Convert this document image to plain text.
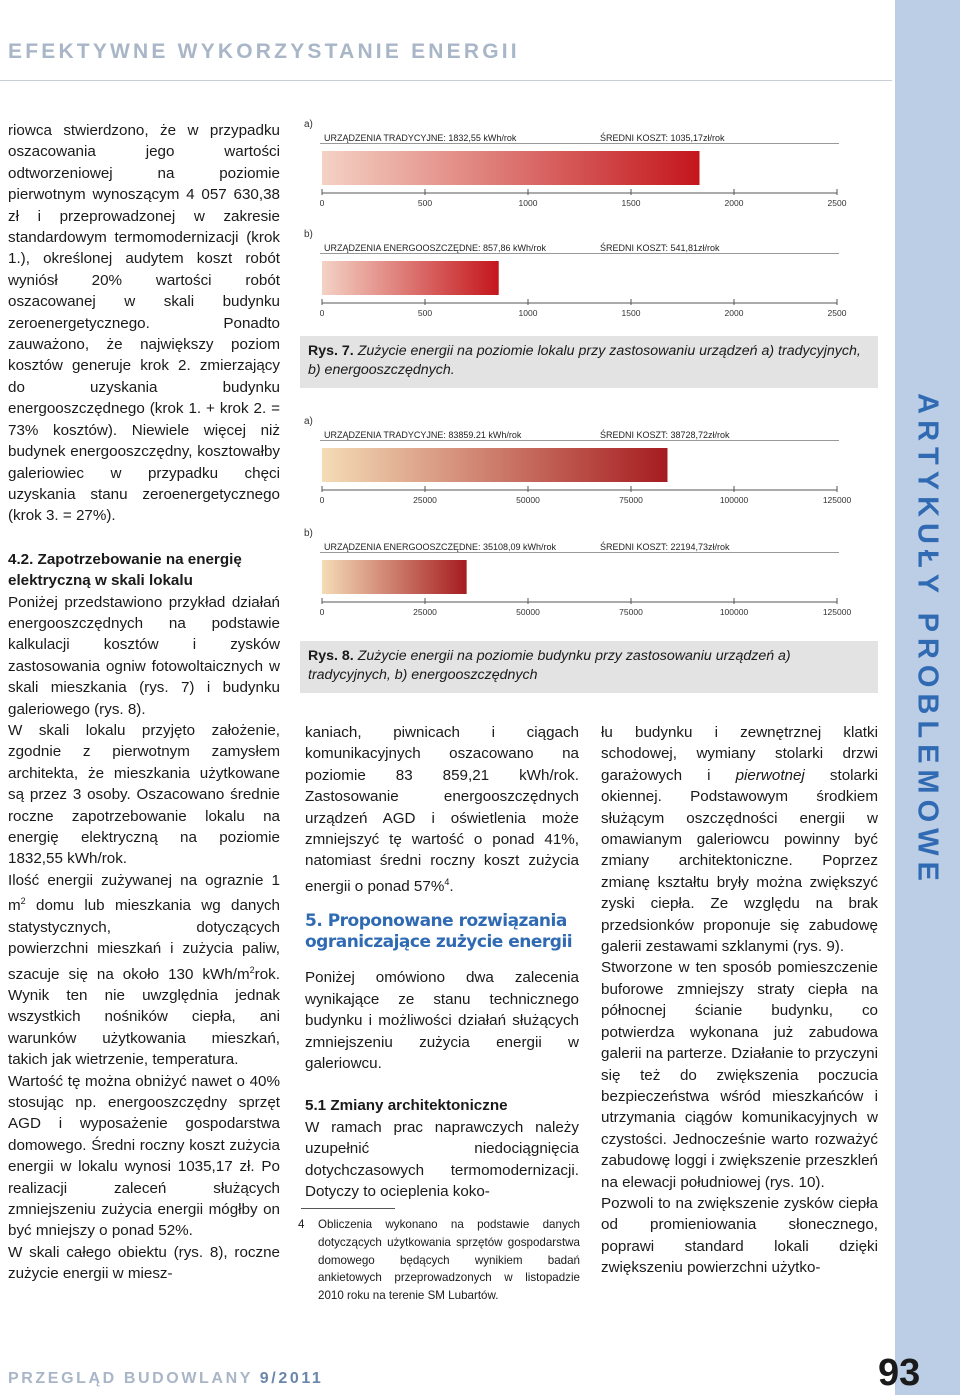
EFEKTYWNE WYKORZYSTANIE ENERGII
ARTYKUŁY PROBLEMOWE

riowca stwierdzono, że w przypadku oszacowania jego wartości odtworzeniowej na poziomie pierwotnym wynoszącym 4 057 630,38 zł i przeprowadzonej w zakresie standardowym termomodernizacji (krok 1.), określonej audytem koszt robót wyniósł 20% wartości robót oszacowanej w skali budynku zeroenergetycznego. Ponadto zauważono, że największy poziom kosztów generuje krok 2. zmierzający do uzyskania budynku energooszczędnego (krok 1. + krok 2. = 73% kosztów). Niewiele więcej niż budynek energooszczędny, kosztowałby galeriowiec w przypadku chęci uzyskania stanu zeroenergetycznego (krok 3. = 27%).

4.2. Zapotrzebowanie na energię elektryczną w skali lokalu

Poniżej przedstawiono przykład działań energooszczędnych na podstawie kalkulacji kosztów i zysków zastosowania ogniw fotowoltaicznych w skali mieszkania (rys. 7) i budynku galeriowego (rys. 8).

W skali lokalu przyjęto założenie, zgodnie z pierwotnym zamysłem architekta, że mieszkania użytkowane są przez 3 osoby. Oszacowano średnie roczne zapotrzebowanie lokalu na energię elektryczną na poziomie 1832,55 kWh/rok.

Ilość energii zużywanej na ograznie 1 $m^2$ domu lub mieszkania wg danych statystycznych, dotyczących powierzchni mieszkań i zużycia paliw, szacuje się na około 130 kWh/$m^2rok$. Wynik ten nie uwzględnia jednak wszystkich nośników ciepła, ani warunków użytkowania mieszkań, takich jak wietrzenie, temperatura.

Wartość tę można obniżyć nawet o 40% stosując np. energooszczędny sprzęt AGD i wyposażenie gospodarstwa domowego. Średni roczny koszt zużycia energii w lokalu wynosi 1035,17 zł. Po realizacji zaleceń służących zmniejszeniu zużycia energii mógłby on być mniejszy o ponad 52%.

W skali całego obiektu (rys. 8), roczne zużycie energii w miesz-

a)
URZĄDZENIA TRADYCYJNE: 1832,55 kWh/rok	ŚREDNI KOSZT: 1035,17zł/rok
0	500	1000	1500	2000	2500
b)
URZĄDZENIA ENERGOOSZCZĘDNE: 857,86 kWh/rok	ŚREDNI KOSZT: 541,81zł/rok
0	500	1000	1500	2000	2500
Rys. 7. Zużycie energii na poziomie lokalu przy zastosowaniu urządzeń a) tradycyjnych, b) energooszczędnych.
a)
URZĄDZENIA TRADYCYJNE: 83859.21 kWh/rok	ŚREDNI KOSZT: 38728,72zł/rok
0	25000	50000	75000	100000	125000
b)
URZĄDZENIA ENERGOOSZCZĘDNE: 35108,09 kWh/rok	ŚREDNI KOSZT: 22194,73zł/rok
0	25000	50000	75000	100000	125000
Rys. 8. Zużycie energii na poziomie budynku przy zastosowaniu urządzeń a) tradycyjnych, b) energooszczędnych

kaniach, piwnicach i ciągach komunikacyjnych oszacowano na poziomie 83 859,21 kWh/rok. Zastosowanie energooszczędnych urządzeń AGD i oświetlenia może zmniejszyć tę wartość o ponad 41%, natomiast średni roczny koszt zużycia energii o ponad 57%$^4$.

5. Proponowane rozwiązania ograniczające zużycie energii

Poniżej omówiono dwa zalecenia wynikające ze stanu technicznego budynku i możliwości działań służących zmniejszeniu zużycia energii w galeriowcu.

5.1 Zmiany architektoniczne

W ramach prac naprawczych należy uzupełnić niedociągnięcia dotychczasowych termomodernizacji. Dotyczy to ocieplenia koko-

4	Obliczenia wykonano na podstawie danych dotyczących użytkowania sprzętów gospodarstwa domowego będących wynikiem badań ankietowych przeprowadzonych w listopadzie 2010 roku na terenie SM Lubartów.

łu budynku i zewnętrznej klatki schodowej, wymiany stolarki drzwi garażowych i pierwotnej stolarki okiennej. Podstawowym środkiem służącym oszczędności energii w omawianym galeriowcu powinny być zmiany architektoniczne. Poprzez zmianę kształtu bryły można zwiększyć zyski ciepła. Ze względu na brak przedsionków proponuje się zabudowę galerii zestawami szklanymi (rys. 9).

Stworzone w ten sposób pomieszczenie buforowe zmniejszy straty ciepła na północnej ścianie budynku, co potwierdza wykonana już zabudowa galerii na parterze. Działanie to przyczyni się też do zwiększenia poczucia bezpieczeństwa wśród mieszkańców i utrzymania ciągów komunikacyjnych w czystości. Jednocześnie warto rozważyć zabudowę loggi i zwiększenie przeszkleń na elewacji południowej (rys. 10).

Pozwoli to na zwiększenie zysków ciepła od promieniowania słonecznego, poprawi standard lokali dzięki zwiększeniu powierzchni użytko-

PRZEGLĄD BUDOWLANY 9/2011	93
